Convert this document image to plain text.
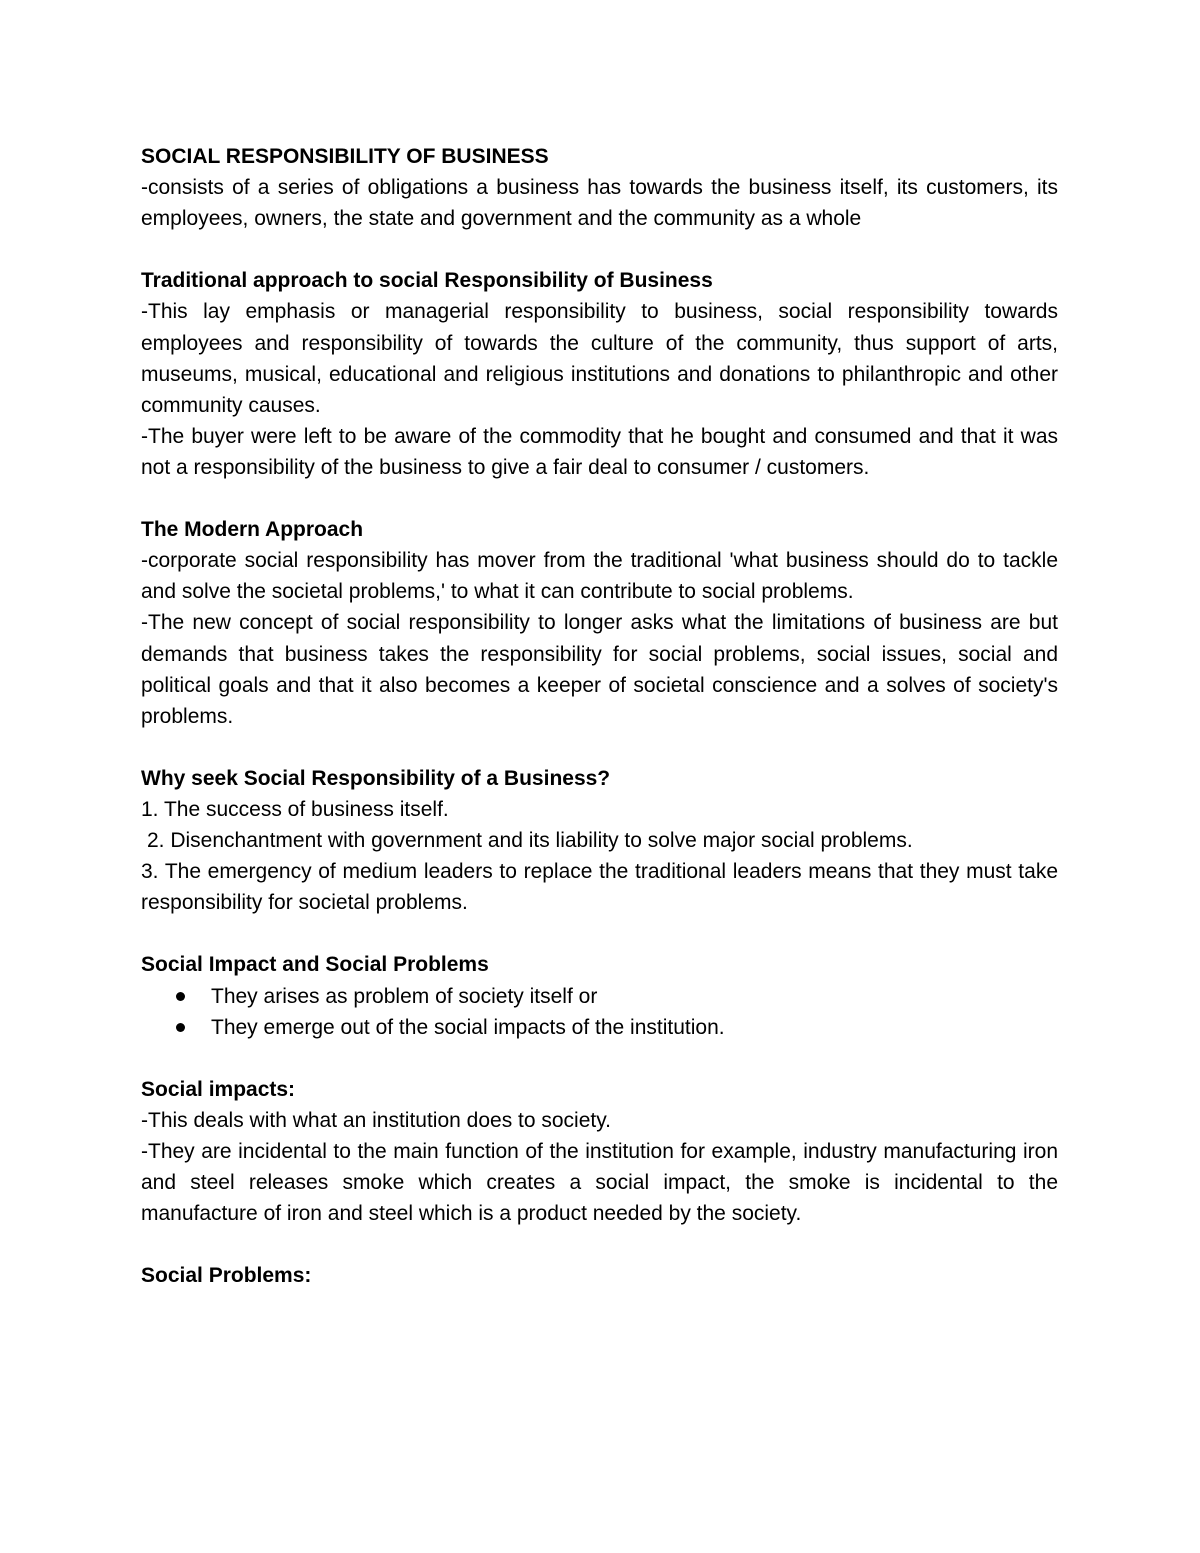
SOCIAL RESPONSIBILITY OF BUSINESS

-consists of a series of obligations a business has towards the business itself, its customers, its employees, owners, the state and government and the community as a whole

Traditional approach to social Responsibility of Business

-This lay emphasis or managerial responsibility to business, social responsibility towards employees and responsibility of towards the culture of the community, thus support of arts, museums, musical, educational and religious institutions and donations to philanthropic and other community causes.

-The buyer were left to be aware of the commodity that he bought and consumed and that it was not a responsibility of the business to give a fair deal to consumer / customers.

The Modern Approach

-corporate social responsibility has mover from the traditional 'what business should do to tackle and solve the societal problems,' to what it can contribute to social problems.

-The new concept of social responsibility to longer asks what the limitations of business are but demands that business takes the responsibility for social problems, social issues, social and political goals and that it also becomes a keeper of societal conscience and a solves of society's problems.

Why seek Social Responsibility of a Business?

1. The success of business itself.

2. Disenchantment with government and its liability to solve major social problems.

3. The emergency of medium leaders to replace the traditional leaders means that they must take responsibility for societal problems.

Social Impact and Social Problems

They arises as problem of society itself or
They emerge out of the social impacts of the institution.

Social impacts:

-This deals with what an institution does to society.

-They are incidental to the main function of the institution for example, industry manufacturing iron and steel releases smoke which creates a social impact, the smoke is incidental to the manufacture of iron and steel which is a product needed by the society.

Social Problems:
